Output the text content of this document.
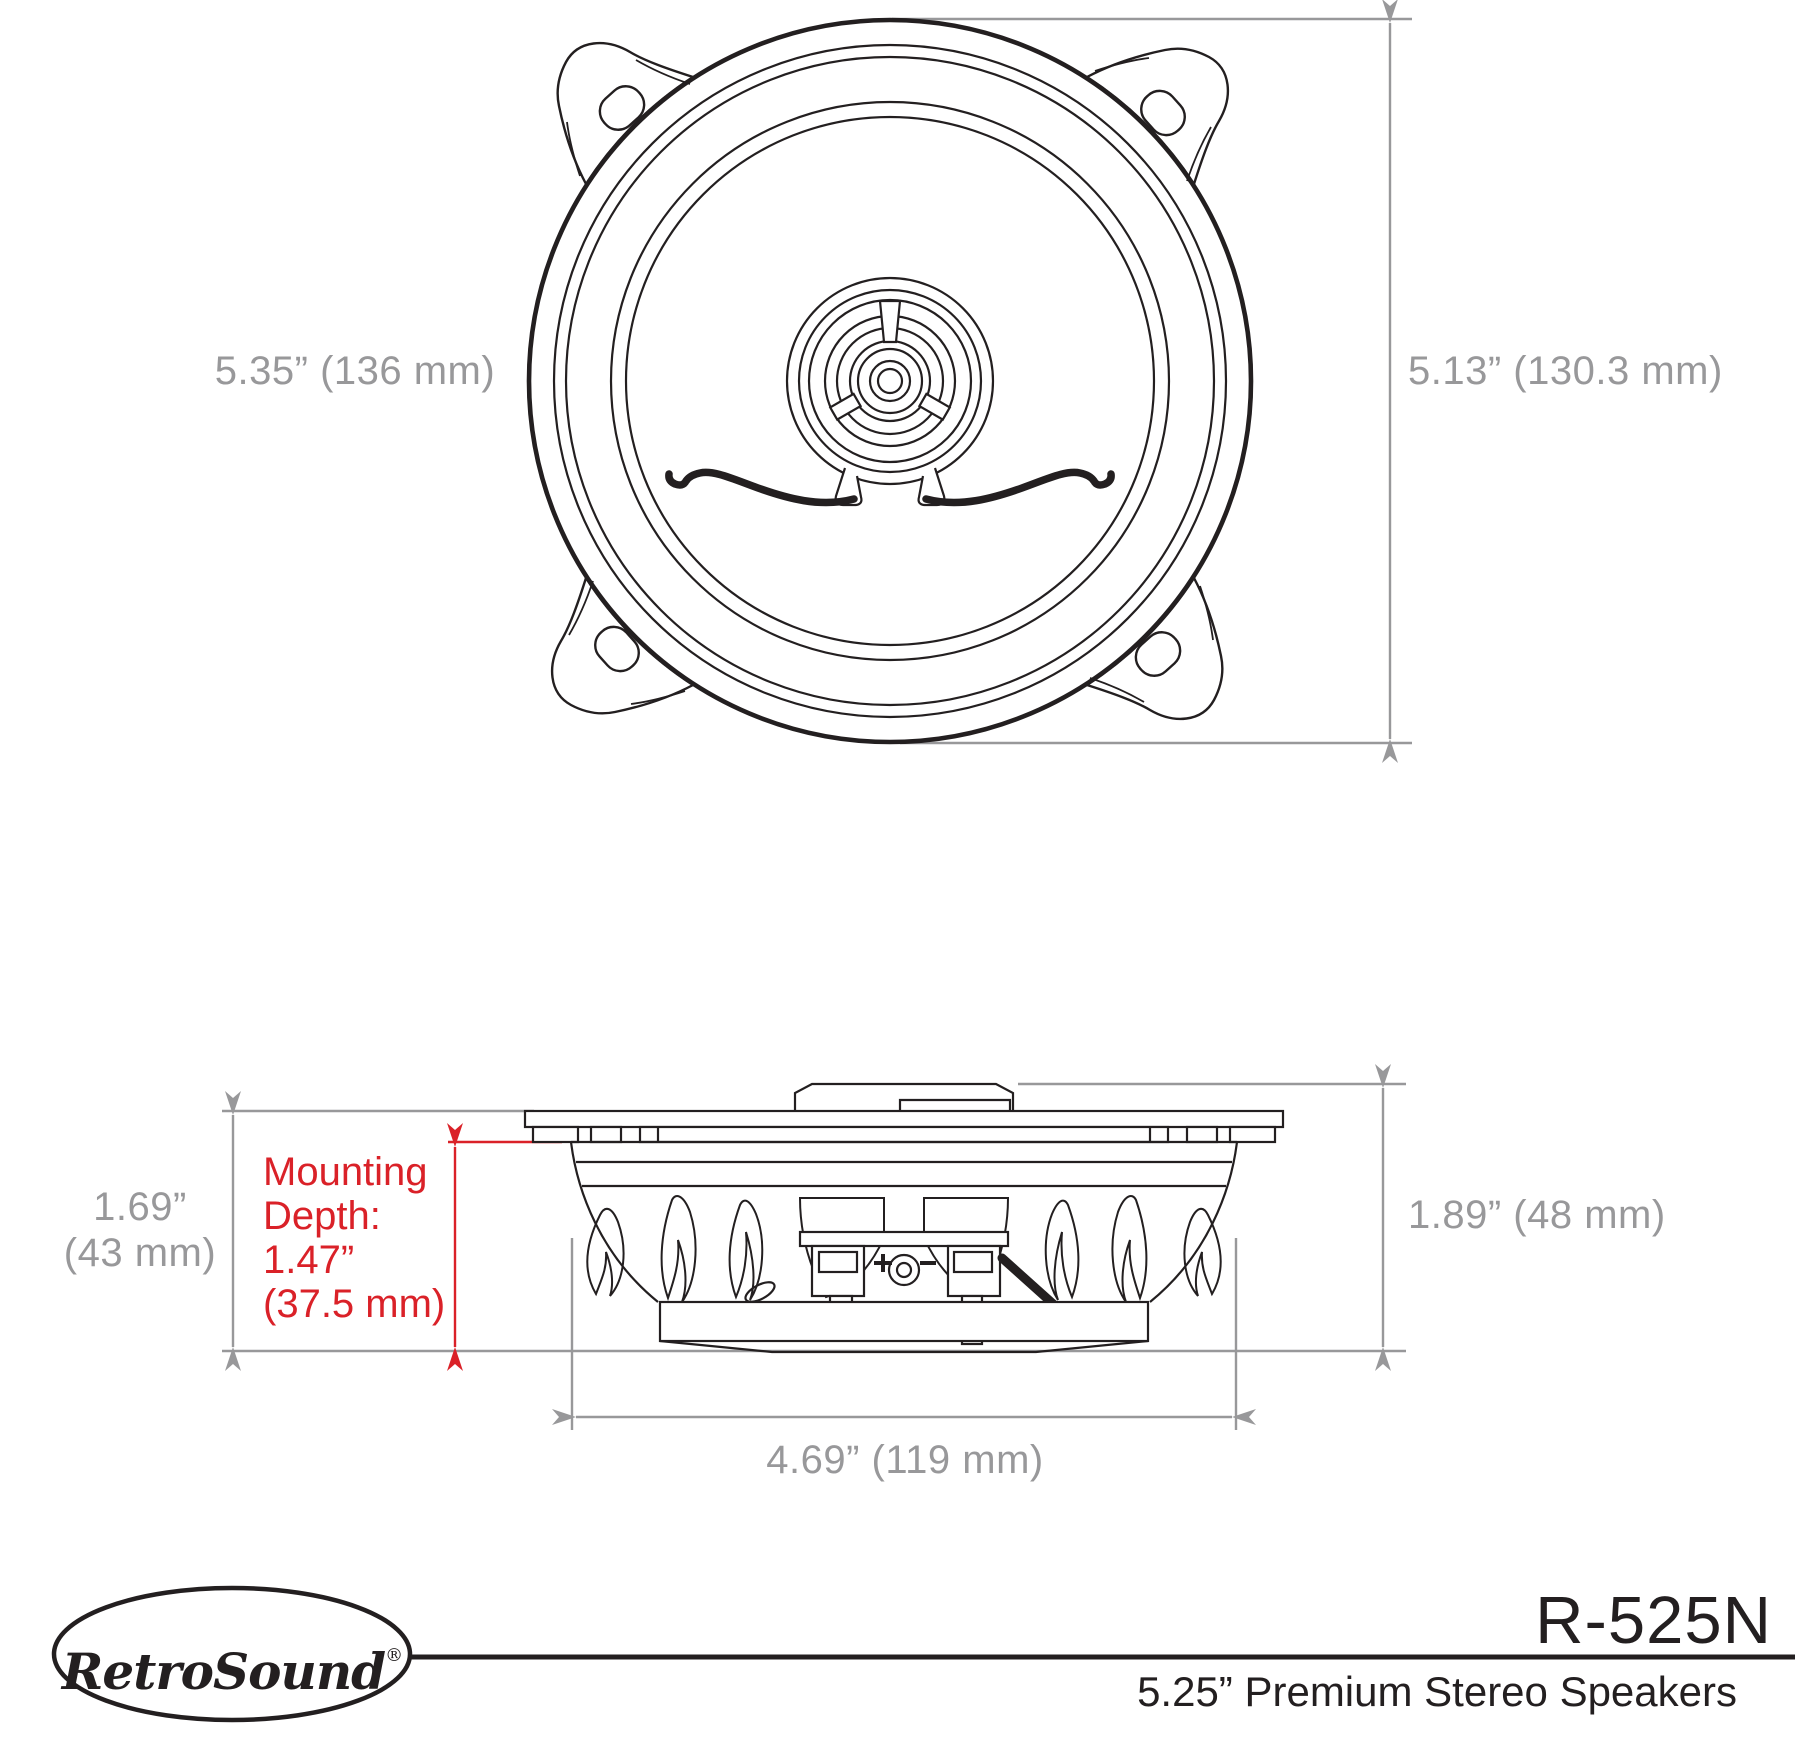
5.35” (136 mm)	5.13” (130.3 mm)
1.69”
(43 mm)
Mounting
Depth:
1.47”
(37.5 mm)
1.89” (48 mm)
4.69” (119 mm)
RetroSound®	R-525N
5.25” Premium Stereo Speakers
